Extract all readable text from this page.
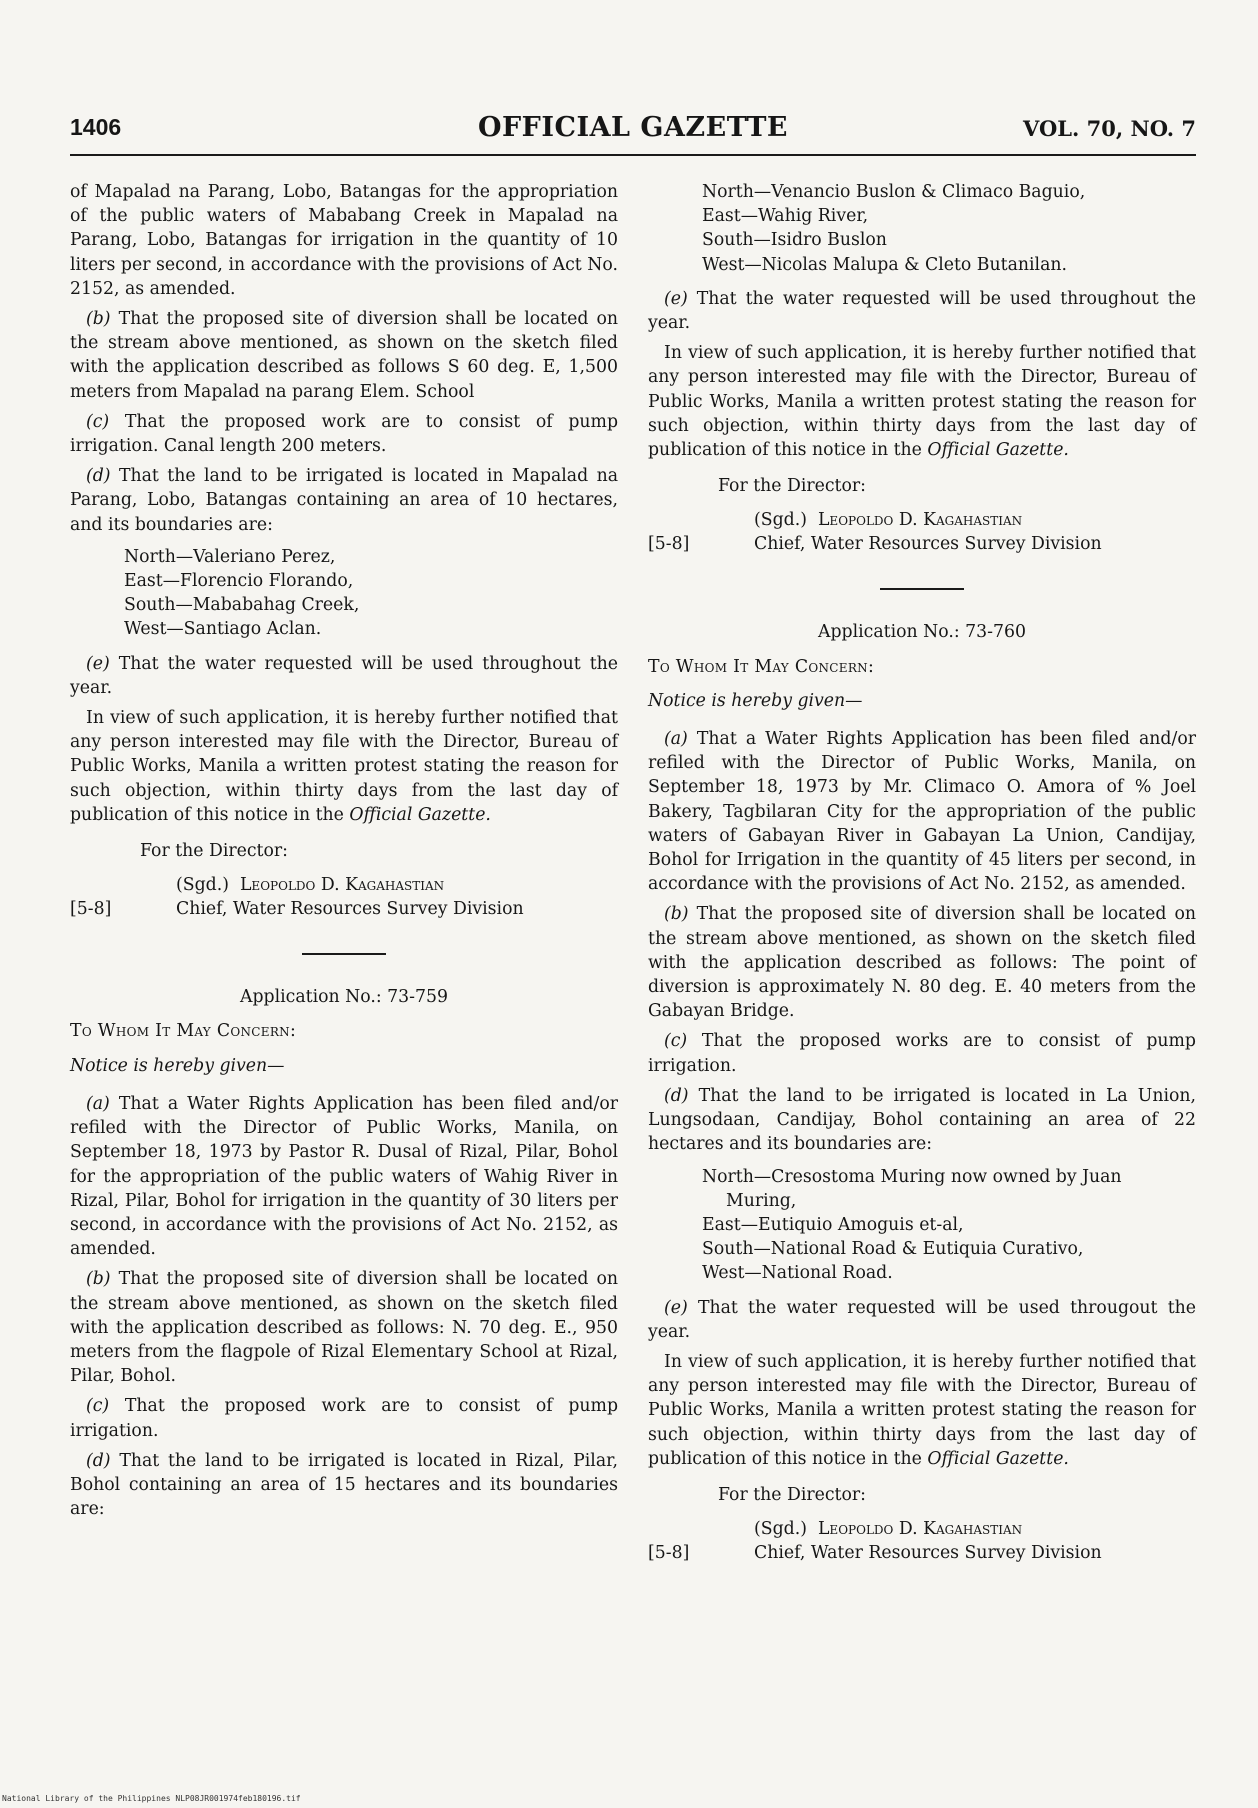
1406	OFFICIAL GAZETTE	VOL. 70, NO. 7

of Mapalad na Parang, Lobo, Batangas for the appropriation of the public waters of Mababang Creek in Mapalad na Parang, Lobo, Batangas for irrigation in the quantity of 10 liters per second, in accordance with the provisions of Act No. 2152, as amended.

(b) That the proposed site of diversion shall be located on the stream above mentioned, as shown on the sketch filed with the application described as follows S 60 deg. E, 1,500 meters from Mapalad na parang Elem. School

(c) That the proposed work are to consist of pump irrigation. Canal length 200 meters.

(d) That the land to be irrigated is located in Mapalad na Parang, Lobo, Batangas containing an area of 10 hectares, and its boundaries are:

North—Valeriano Perez,
East—Florencio Florando,
South—Mababahag Creek,
West—Santiago Aclan.

(e) That the water requested will be used throughout the year.

In view of such application, it is hereby further notified that any person interested may file with the Director, Bureau of Public Works, Manila a written protest stating the reason for such objection, within thirty days from the last day of publication of this notice in the Official Gazette.

For the Director:
[5-8]
(Sgd.) Leopoldo D. Kagahastian
Chief, Water Resources Survey Division
Application No.: 73-759
To Whom It May Concern:
Notice is hereby given—

(a) That a Water Rights Application has been filed and/or refiled with the Director of Public Works, Manila, on September 18, 1973 by Pastor R. Dusal of Rizal, Pilar, Bohol for the appropriation of the public waters of Wahig River in Rizal, Pilar, Bohol for irrigation in the quantity of 30 liters per second, in accordance with the provisions of Act No. 2152, as amended.

(b) That the proposed site of diversion shall be located on the stream above mentioned, as shown on the sketch filed with the application described as follows: N. 70 deg. E., 950 meters from the flagpole of Rizal Elementary School at Rizal, Pilar, Bohol.

(c) That the proposed work are to consist of pump irrigation.

(d) That the land to be irrigated is located in Rizal, Pilar, Bohol containing an area of 15 hectares and its boundaries are:

North—Venancio Buslon & Climaco Baguio,
East—Wahig River,
South—Isidro Buslon
West—Nicolas Malupa & Cleto Butanilan.

(e) That the water requested will be used throughout the year.

In view of such application, it is hereby further notified that any person interested may file with the Director, Bureau of Public Works, Manila a written protest stating the reason for such objection, within thirty days from the last day of publication of this notice in the Official Gazette.

For the Director:
[5-8]
(Sgd.) Leopoldo D. Kagahastian
Chief, Water Resources Survey Division
Application No.: 73-760
To Whom It May Concern:
Notice is hereby given—

(a) That a Water Rights Application has been filed and/or refiled with the Director of Public Works, Manila, on September 18, 1973 by Mr. Climaco O. Amora of % Joel Bakery, Tagbilaran City for the appropriation of the public waters of Gabayan River in Gabayan La Union, Candijay, Bohol for Irrigation in the quantity of 45 liters per second, in accordance with the provisions of Act No. 2152, as amended.

(b) That the proposed site of diversion shall be located on the stream above mentioned, as shown on the sketch filed with the application described as follows: The point of diversion is approximately N. 80 deg. E. 40 meters from the Gabayan Bridge.

(c) That the proposed works are to consist of pump irrigation.

(d) That the land to be irrigated is located in La Union, Lungsodaan, Candijay, Bohol containing an area of 22 hectares and its boundaries are:

North—Cresostoma Muring now owned by Juan Muring,
East—Eutiquio Amoguis et-al,
South—National Road & Eutiquia Curativo,
West—National Road.

(e) That the water requested will be used througout the year.

In view of such application, it is hereby further notified that any person interested may file with the Director, Bureau of Public Works, Manila a written protest stating the reason for such objection, within thirty days from the last day of publication of this notice in the Official Gazette.

For the Director:
[5-8]
(Sgd.) Leopoldo D. Kagahastian
Chief, Water Resources Survey Division
National Library of the Philippines NLP08JR001974feb180196.tif
